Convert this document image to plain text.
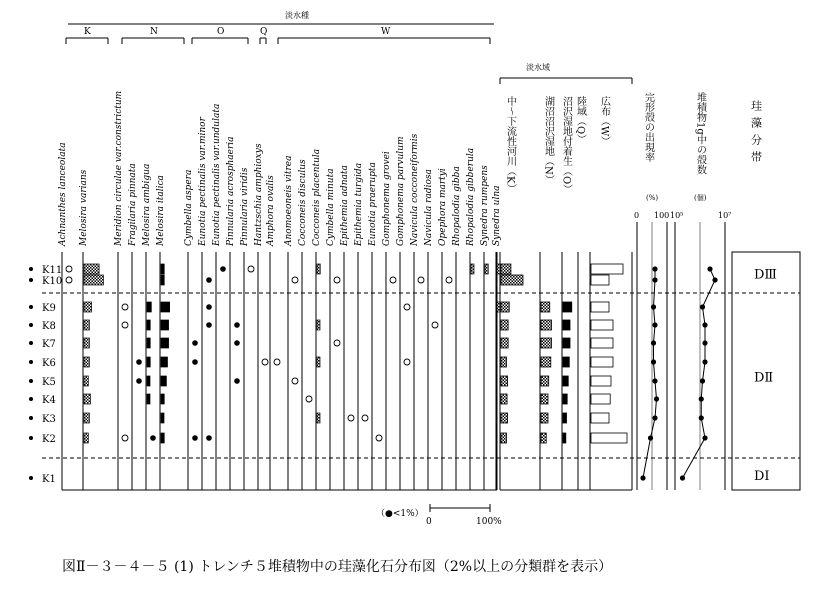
Achnanthes lanceolata Melosira varians	Meridion circulae var.constrictum Fragilaria pinnata Melosira ambigua Melosira italica Cymbella aspera Eunotia pectinalis var.minor Eunotia pectinalis var.undulata Pinnularia acrosphaeria Pinnularia viridis Hantzschia amphioxys Amphora ovalis Anomoeoneis vitrea Cocconeis disculus Cocconeis placentula Cymbella minuta Epithemia adnata Epithemia turgida Eunotia praerupta Gomphonema grovei Gomphonema parvulum Navicula cocconeiformis Navicula radiosa Opephora martyi Rhopalodia gibba Rhopalodia gibberula Synedra rumpens Synedra ulna
淡水種
K	N	O	Q	W
K11
K10
K9
K8
K7
K6
K5
K4
K3
K2
K1
（●<1%）
0	100%
淡水域
中〜下流性河川（K）	湖沼沼沢湿地（N） 沼沢湿地付着生（O） 陸域（Q） 広布（W）	完形殻の出現率
(%)
0 100
堆積物1g中の殻数
(個)
10⁵	10⁷
珪藻分帯
DⅢ
DⅡ
DⅠ
図Ⅱ－３－４－５ (1) トレンチ５堆積物中の珪藻化石分布図（2%以上の分類群を表示）
